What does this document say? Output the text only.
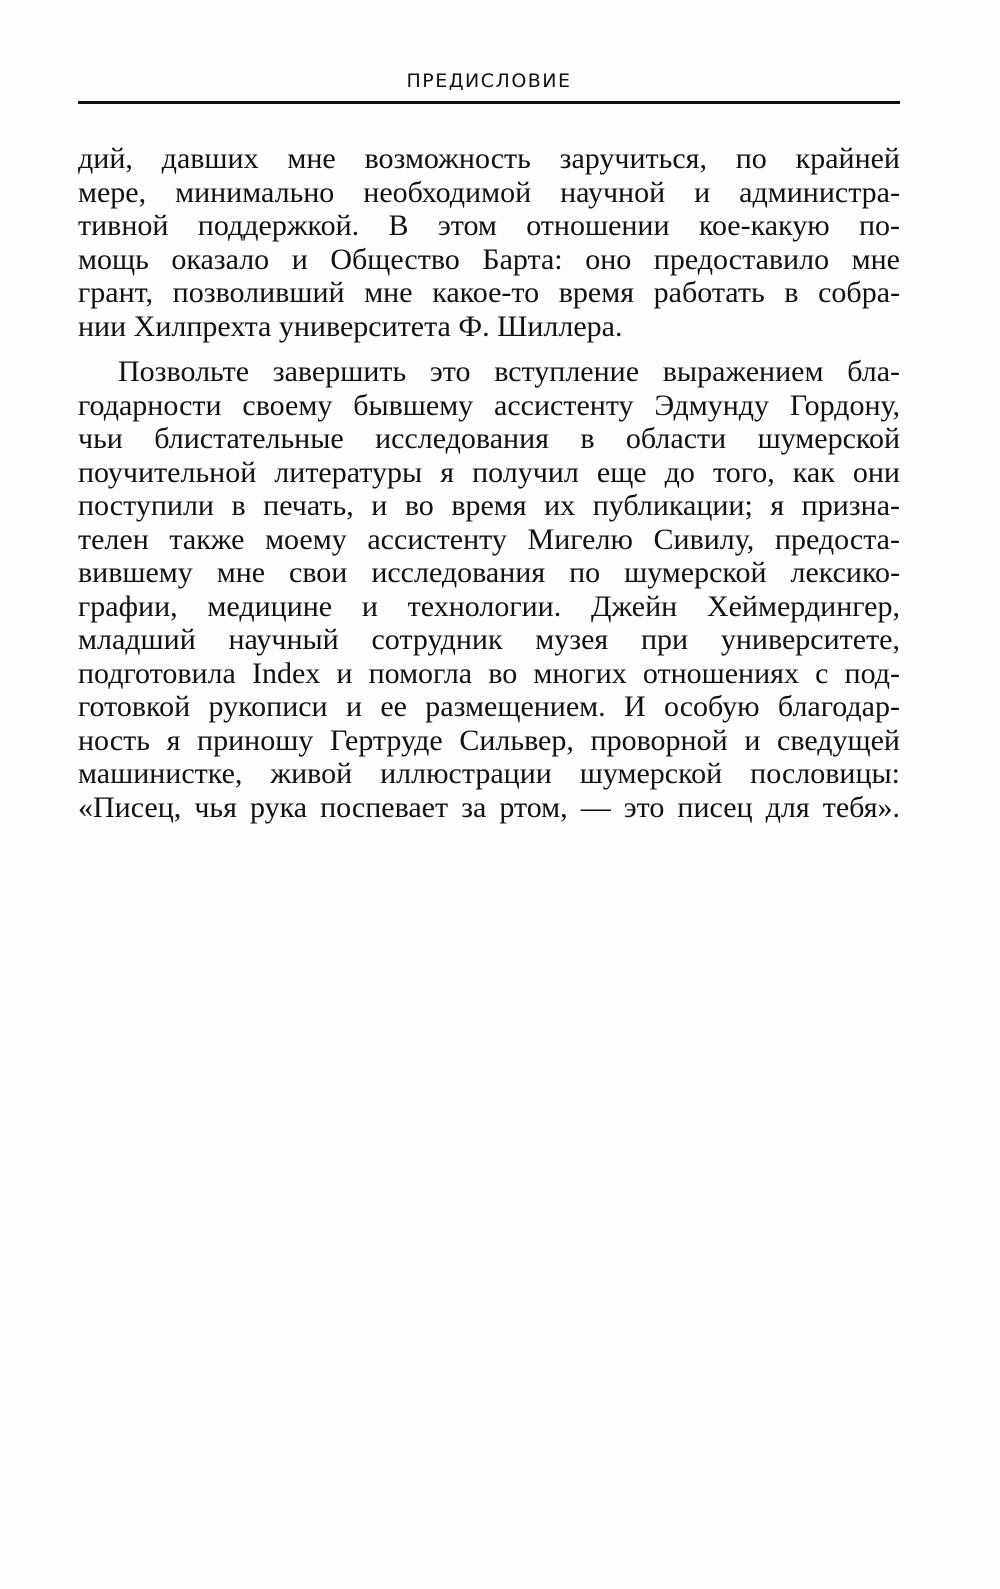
ПРЕДИСЛОВИЕ
дий, давших мне возможность заручиться, по крайней
мере, минимально необходимой научной и администра-
тивной поддержкой. В этом отношении кое-какую по-
мощь оказало и Общество Барта: оно предоставило мне
грант, позволивший мне какое-то время работать в собра-
нии Хилпрехта университета Ф. Шиллера.
Позвольте завершить это вступление выражением бла-
годарности своему бывшему ассистенту Эдмунду Гордону,
чьи блистательные исследования в области шумерской
поучительной литературы я получил еще до того, как они
поступили в печать, и во время их публикации; я призна-
телен также моему ассистенту Мигелю Сивилу, предоста-
вившему мне свои исследования по шумерской лексико-
графии, медицине и технологии. Джейн Хеймердингер,
младший научный сотрудник музея при университете,
подготовила Index и помогла во многих отношениях с под-
готовкой рукописи и ее размещением. И особую благодар-
ность я приношу Гертруде Сильвер, проворной и сведущей
машинистке, живой иллюстрации шумерской пословицы:
«Писец, чья рука поспевает за ртом, — это писец для тебя».
